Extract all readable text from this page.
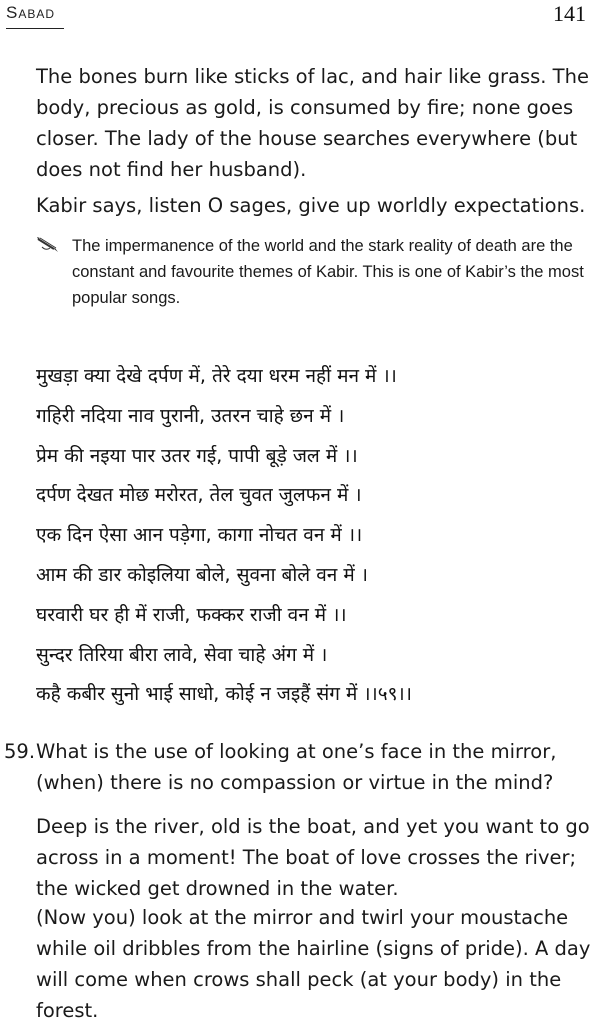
Sabad	141

The bones burn like sticks of lac, and hair like grass. The body, precious as gold, is consumed by fire; none goes closer. The lady of the house searches everywhere (but does not find her husband).

Kabir says, listen O sages, give up worldly expectations.

The impermanence of the world and the stark reality of death are the constant and favourite themes of Kabir. This is one of Kabir’s the most popular songs.

मुखड़ा क्या देखे दर्पण में, तेरे दया धरम नहीं मन में ।।
गहिरी नदिया नाव पुरानी, उतरन चाहे छन में ।
प्रेम की नइया पार उतर गई, पापी बूड़े जल में ।।
दर्पण देखत मोछ मरोरत, तेल चुवत जुलफन में ।
एक दिन ऐसा आन पड़ेगा, कागा नोचत वन में ।।
आम की डार कोइलिया बोले, सुवना बोले वन में ।
घरवारी घर ही में राजी, फक्कर राजी वन में ।।
सुन्दर तिरिया बीरा लावे, सेवा चाहे अंग में ।
कहै कबीर सुनो भाई साधो, कोई न जइहैं संग में ।।५९।।
59. What is the use of looking at one’s face in the mirror, (when) there is no compassion or virtue in the mind?

Deep is the river, old is the boat, and yet you want to go across in a moment! The boat of love crosses the river; the wicked get drowned in the water.

(Now you) look at the mirror and twirl your moustache while oil dribbles from the hairline (signs of pride). A day will come when crows shall peck (at your body) in the forest.
